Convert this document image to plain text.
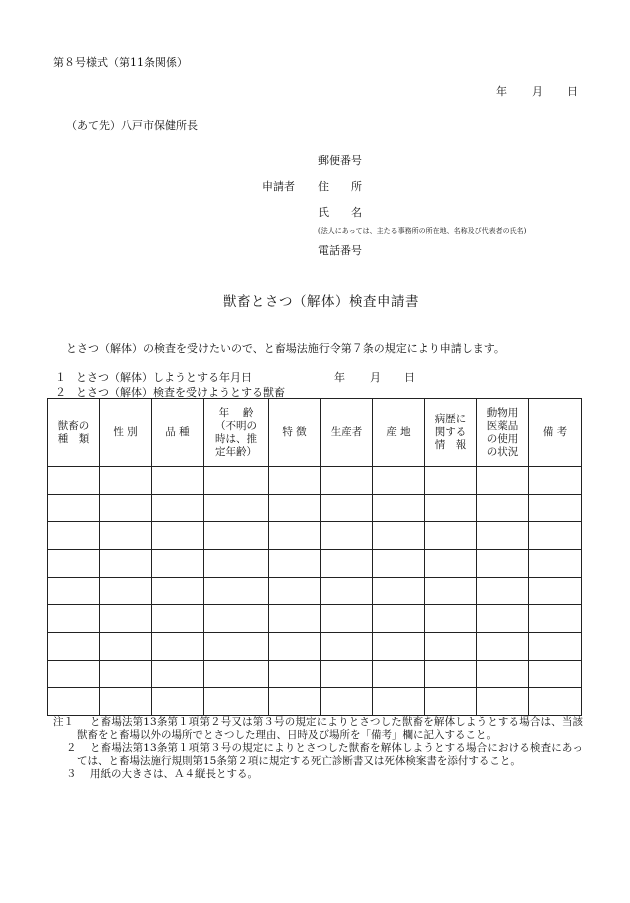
第８号様式（第11条関係）
年 月 日
（あて先）八戸市保健所長
郵便番号
申請者 住　　所
氏　　名
(法人にあっては、主たる事務所の所在地、名称及び代表者の氏名)
電話番号
獣畜とさつ（解体）検査申請書
とさつ（解体）の検査を受けたいので、と畜場法施行令第７条の規定により申請します。
１ とさつ（解体）しようとする年月日	年 月 日
２ とさつ（解体）検査を受けようとする獣畜
獣畜の
種　類	性 別	品 種	年　 齢
（不明の
時は、推
定年齢）	特 徴	生産者	産 地	病歴に
関する
情　報	動物用
医薬品
の使用
の状況	備 考

注１ と畜場法第13条第１項第２号又は第３号の規定によりとさつした獣畜を解体しようとする場合は、当該獣畜をと畜場以外の場所でとさつした理由、日時及び場所を「備考」欄に記入すること。
２	と畜場法第13条第１項第３号の規定によりとさつした獣畜を解体しようとする場合における検査にあっては、と畜場法施行規則第15条第２項に規定する死亡診断書又は死体検案書を添付すること。
３	用紙の大きさは、Ａ４縦長とする。
